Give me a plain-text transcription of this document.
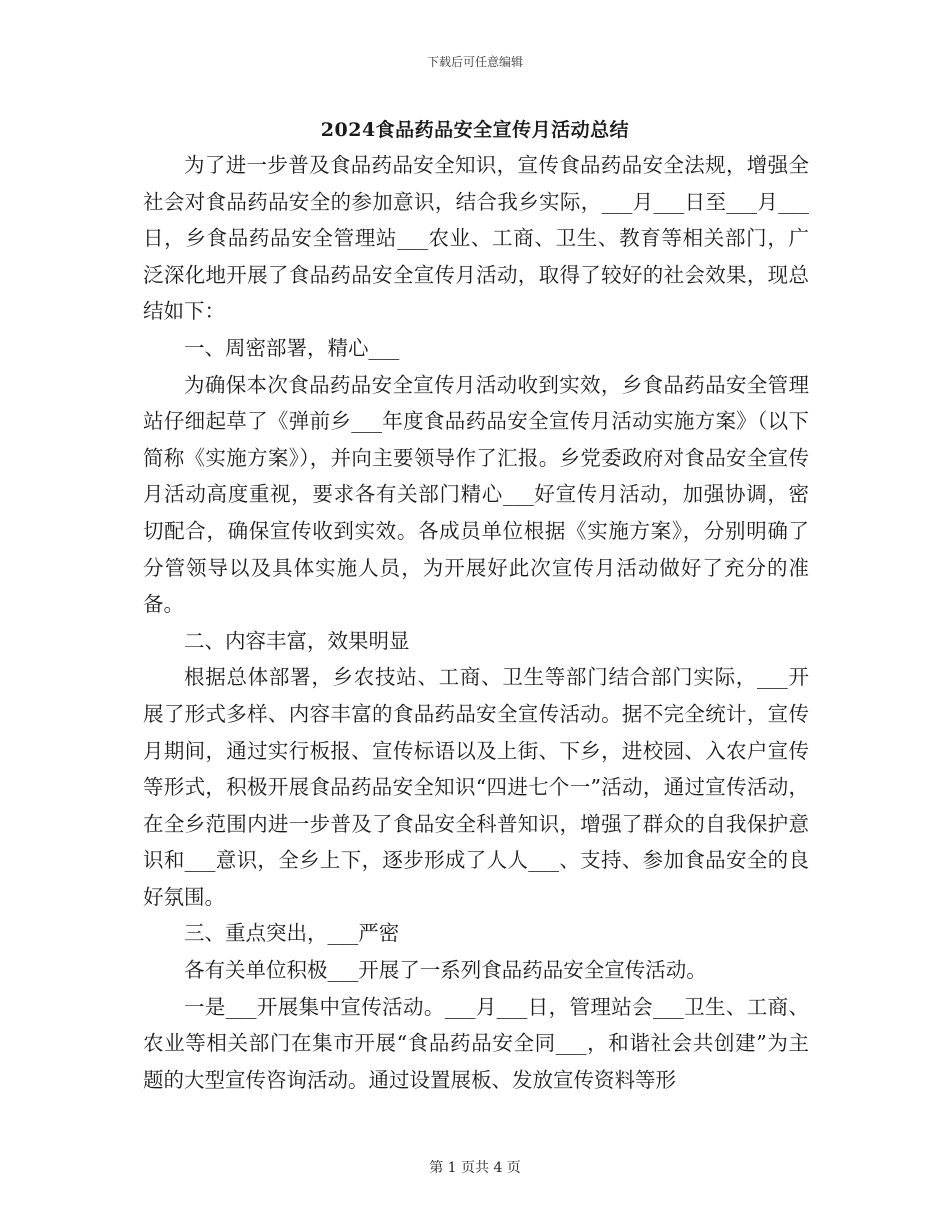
下载后可任意编辑
2024食品药品安全宣传月活动总结

为了进一步普及食品药品安全知识，宣传食品药品安全法规，增强全社会对食品药品安全的参加意识，结合我乡实际，___月___日至___月___日，乡食品药品安全管理站___农业、工商、卫生、教育等相关部门，广泛深化地开展了食品药品安全宣传月活动，取得了较好的社会效果，现总结如下：

一、周密部署，精心___

为确保本次食品药品安全宣传月活动收到实效，乡食品药品安全管理站仔细起草了《弹前乡___年度食品药品安全宣传月活动实施方案》（以下简称《实施方案》），并向主要领导作了汇报。乡党委政府对食品安全宣传月活动高度重视，要求各有关部门精心___好宣传月活动，加强协调，密切配合，确保宣传收到实效。各成员单位根据《实施方案》，分别明确了分管领导以及具体实施人员，为开展好此次宣传月活动做好了充分的准备。

二、内容丰富，效果明显

根据总体部署，乡农技站、工商、卫生等部门结合部门实际，___开展了形式多样、内容丰富的食品药品安全宣传活动。据不完全统计，宣传月期间，通过实行板报、宣传标语以及上街、下乡，进校园、入农户宣传等形式，积极开展食品药品安全知识“四进七个一”活动，通过宣传活动，在全乡范围内进一步普及了食品安全科普知识，增强了群众的自我保护意识和___意识，全乡上下，逐步形成了人人___、支持、参加食品安全的良好氛围。

三、重点突出，___严密

各有关单位积极___开展了一系列食品药品安全宣传活动。

一是___开展集中宣传活动。___月___日，管理站会___卫生、工商、农业等相关部门在集市开展“食品药品安全同___，和谐社会共创建”为主题的大型宣传咨询活动。通过设置展板、发放宣传资料等形

第 1 页共 4 页
